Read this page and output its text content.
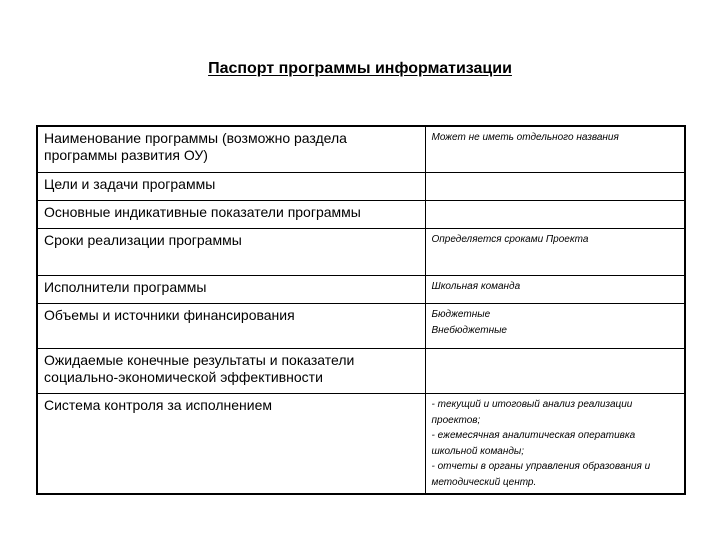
Паспорт программы информатизации
Наименование программы (возможно раздела программы развития ОУ)	Может не иметь отдельного названия

Цели и задачи программы	
Основные индикативные показатели программы	
Сроки реализации программы	Определяется сроками Проекта

Исполнители программы	Школьная команда

Объемы и источники финансирования	Бюджетные
Внебюджетные

Ожидаемые конечные результаты и показатели социально-экономической эффективности	
Система контроля за исполнением	- текущий и итоговый анализ реализации проектов;
- ежемесячная аналитическая оперативка школьной команды;
- отчеты в органы управления образования и методический центр.
